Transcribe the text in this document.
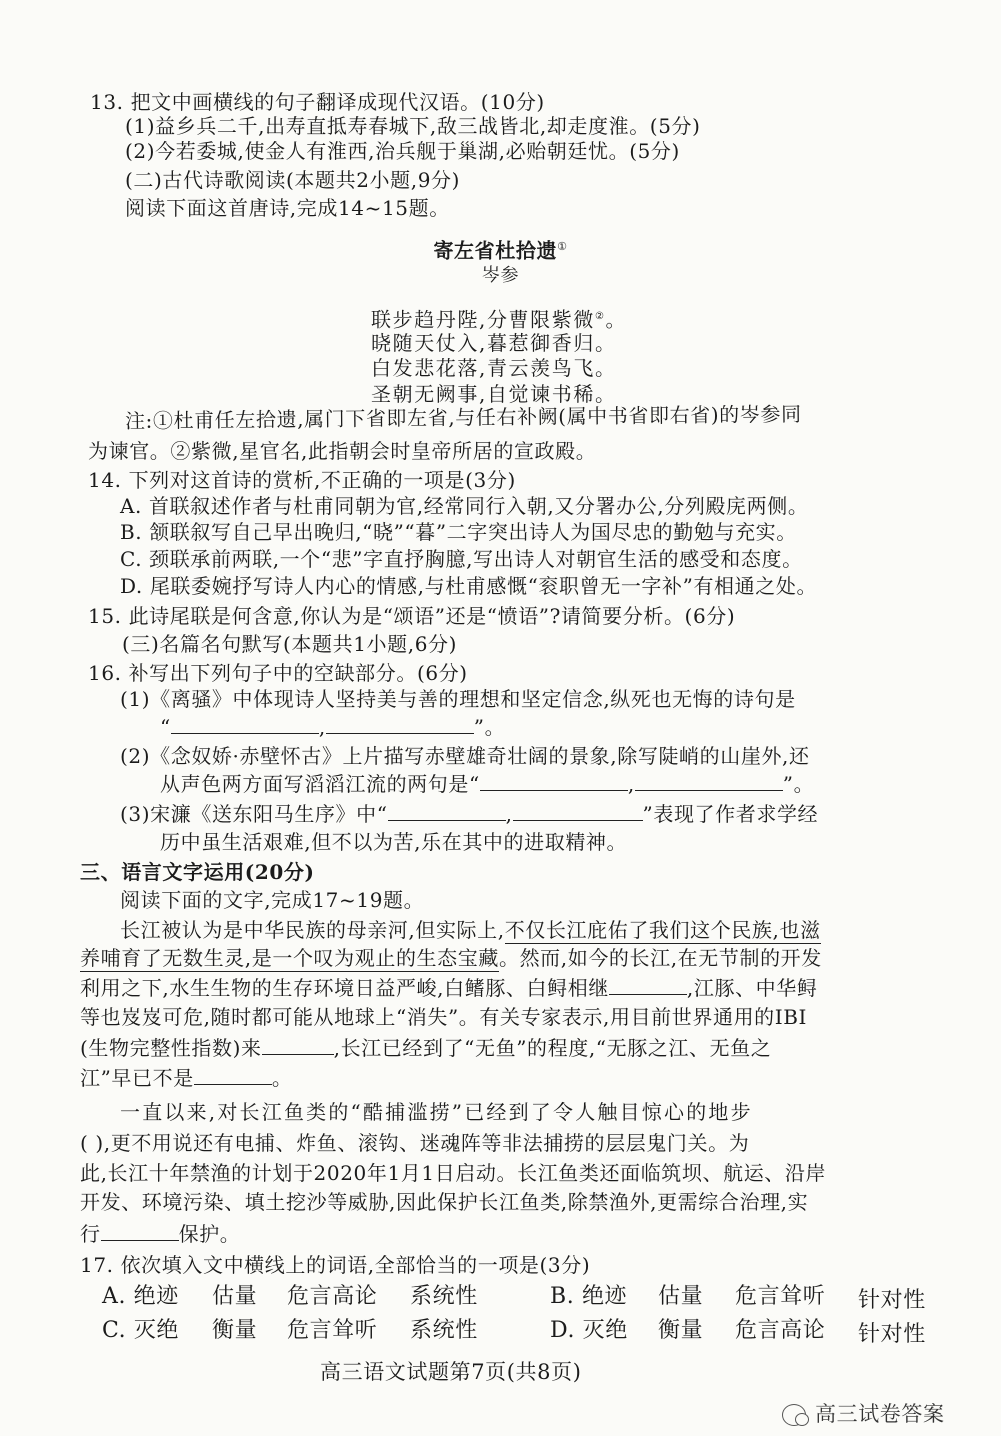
13. 把文中画横线的句子翻译成现代汉语。(10分)
(1)益乡兵二千,出寿直抵寿春城下,敌三战皆北,却走度淮。(5分)
(2)今若委城,使金人有淮西,治兵舰于巢湖,必贻朝廷忧。(5分)
(二)古代诗歌阅读(本题共2小题,9分)
阅读下面这首唐诗,完成14~15题。
寄左省杜拾遗①
岑参
联步趋丹陛,分曹限紫微②。
晓随天仗入,暮惹御香归。
白发悲花落,青云羡鸟飞。
圣朝无阙事,自觉谏书稀。
注:①杜甫任左拾遗,属门下省即左省,与任右补阙(属中书省即右省)的岑参同
为谏官。②紫微,星官名,此指朝会时皇帝所居的宣政殿。
14. 下列对这首诗的赏析,不正确的一项是(3分)
A. 首联叙述作者与杜甫同朝为官,经常同行入朝,又分署办公,分列殿庑两侧。
B. 颔联叙写自己早出晚归,“晓”“暮”二字突出诗人为国尽忠的勤勉与充实。
C. 颈联承前两联,一个“悲”字直抒胸臆,写出诗人对朝官生活的感受和态度。
D. 尾联委婉抒写诗人内心的情感,与杜甫感慨“衮职曾无一字补”有相通之处。
15. 此诗尾联是何含意,你认为是“颂语”还是“愤语”?请简要分析。(6分)
(三)名篇名句默写(本题共1小题,6分)
16. 补写出下列句子中的空缺部分。(6分)
(1)《离骚》中体现诗人坚持美与善的理想和坚定信念,纵死也无悔的诗句是
“	,	”。
(2)《念奴娇·赤壁怀古》上片描写赤壁雄奇壮阔的景象,除写陡峭的山崖外,还
从声色两方面写滔滔江流的两句是“	,	”。
(3)宋濂《送东阳马生序》中“	,	”表现了作者求学经
历中虽生活艰难,但不以为苦,乐在其中的进取精神。
三、语言文字运用(20分)
阅读下面的文字,完成17~19题。
长江被认为是中华民族的母亲河,但实际上,不仅长江庇佑了我们这个民族,也滋
养哺育了无数生灵,是一个叹为观止的生态宝藏。然而,如今的长江,在无节制的开发
利用之下,水生生物的生存环境日益严峻,白鳍豚、白鲟相继	,江豚、中华鲟
等也岌岌可危,随时都可能从地球上“消失”。有关专家表示,用目前世界通用的IBI
(生物完整性指数)来	,长江已经到了“无鱼”的程度,“无豚之江、无鱼之
江”早已不是	。
一直以来,对长江鱼类的“酷捕滥捞”已经到了令人触目惊心的地步
( ),更不用说还有电捕、炸鱼、滚钩、迷魂阵等非法捕捞的层层鬼门关。为
此,长江十年禁渔的计划于2020年1月1日启动。长江鱼类还面临筑坝、航运、沿岸
开发、环境污染、填土挖沙等威胁,因此保护长江鱼类,除禁渔外,更需综合治理,实
行	保护。
17. 依次填入文中横线上的词语,全部恰当的一项是(3分)
A. 绝迹 估量 危言高论 系统性	B. 绝迹 估量 危言耸听 针对性
C. 灭绝 衡量 危言耸听 系统性	D. 灭绝 衡量 危言高论 针对性
高三语文试题第7页(共8页)
高三试卷答案
